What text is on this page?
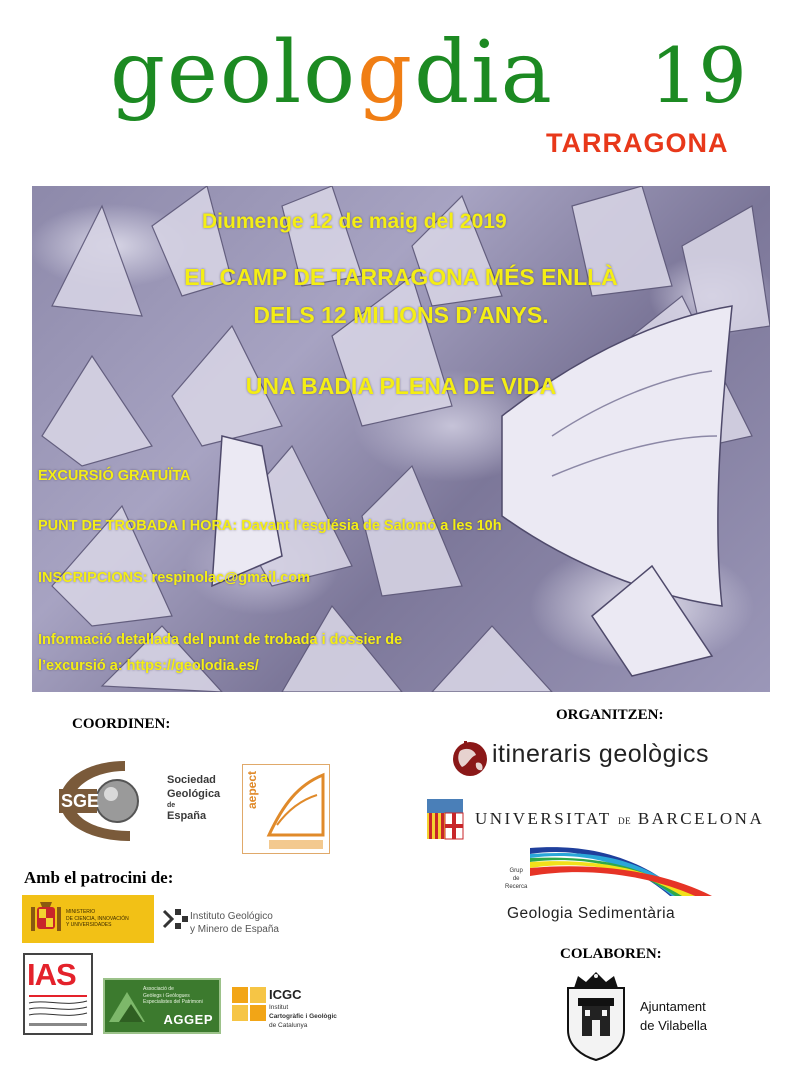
geologdia 19
TARRAGONA
Diumenge 12 de maig del 2019
EL CAMP DE TARRAGONA MÉS ENLLÀ
DELS 12 MILIONS D’ANYS.
UNA BADIA PLENA DE VIDA
EXCURSIÓ GRATUÏTA
PUNT DE TROBADA I HORA: Davant l’església de Salomó a les 10h
INSCRIPCIONS: respinolac@gmail.com
Informació detallada del punt de trobada i dossier de
l’excursió a: https://geolodia.es/
COORDINEN:
ORGANITZEN:
Amb el patrocini de:
COLABOREN:
SGE
Sociedad
Geológica
de
España
aepect
itineraris geològics
UNIVERSITAT DE BARCELONA
Grup
de
Recerca
Geologia Sedimentària
MINISTERIO
DE CIENCIA, INNOVACIÓN
Y UNIVERSIDADES
Instituto Geológico
y Minero de España
IAS	Associació de
Geòlegs i Geòlogues
Especialistes del Patrimoni
AGGEP
ICGC
Institut
Cartogràfic i Geològic
de Catalunya
Ajuntament
de Vilabella
